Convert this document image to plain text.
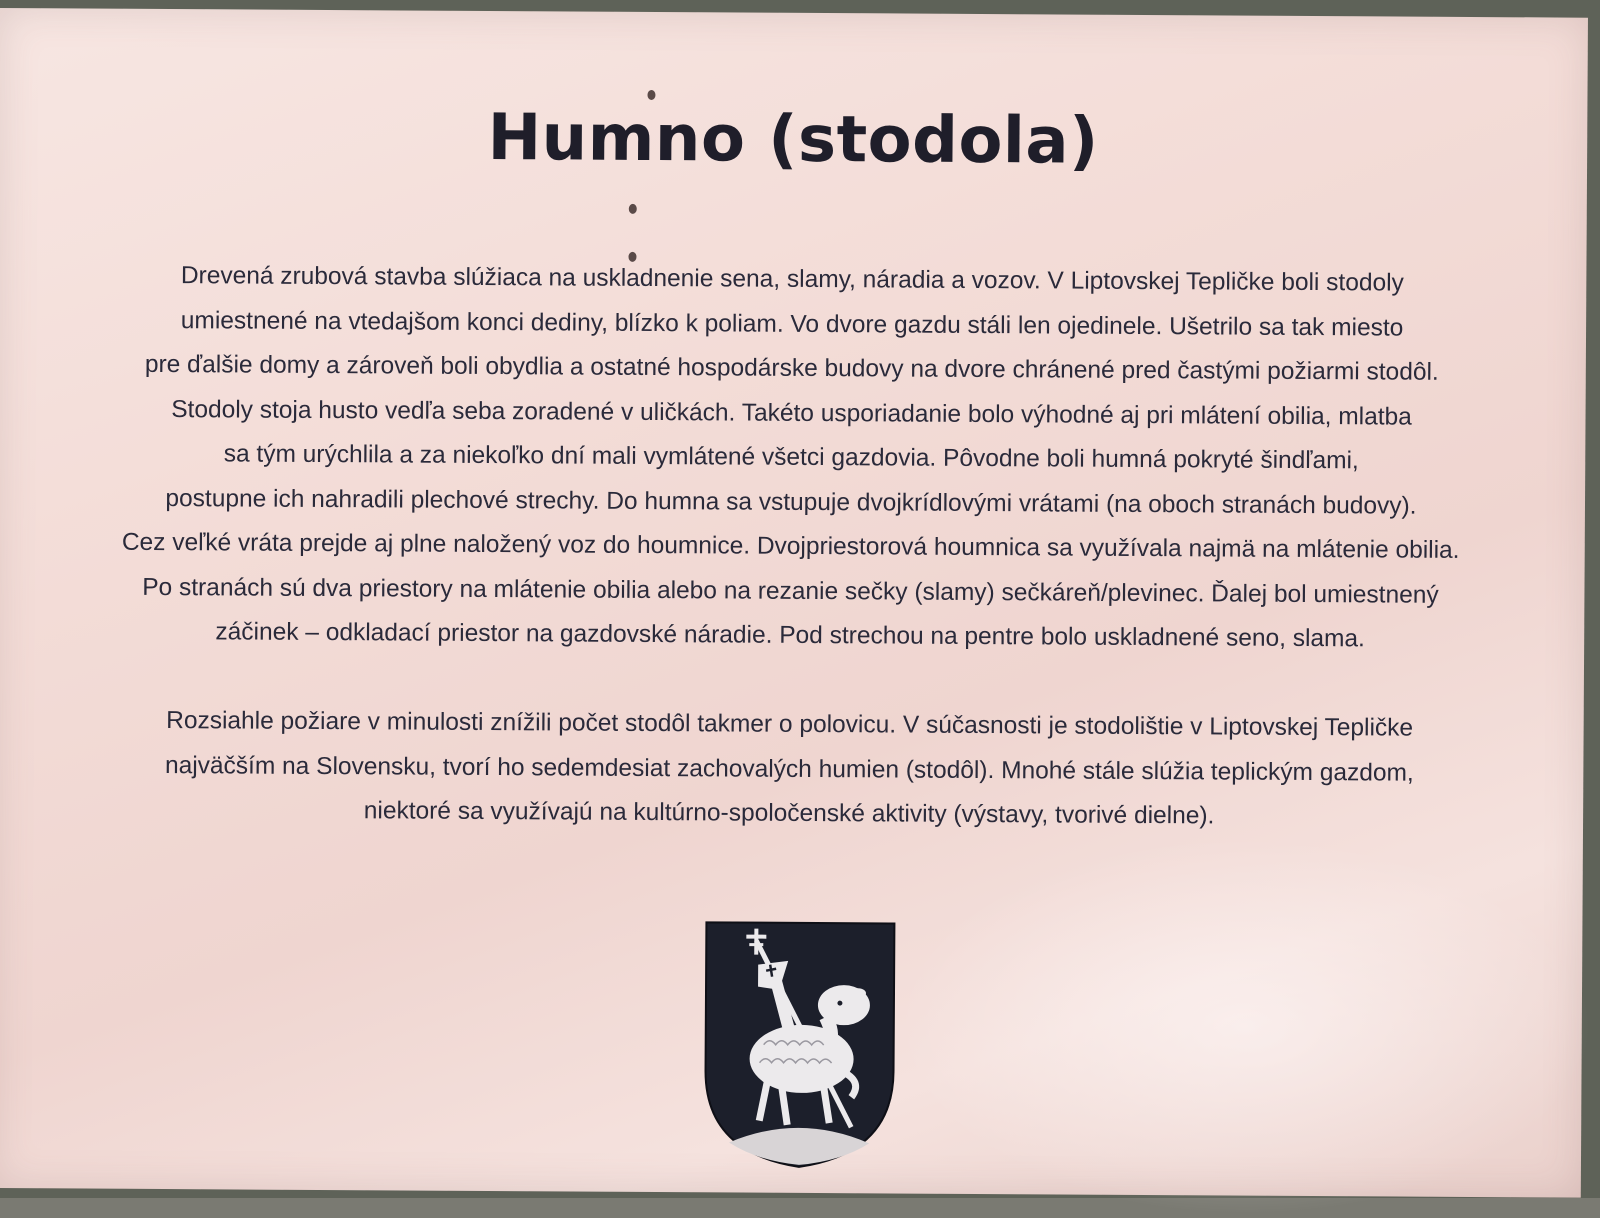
Humno (stodola)
Drevená zrubová stavba slúžiaca na uskladnenie sena, slamy, náradia a vozov. V Liptovskej Tepličke boli stodoly
umiestnené na vtedajšom konci dediny, blízko k poliam. Vo dvore gazdu stáli len ojedinele. Ušetrilo sa tak miesto
pre ďalšie domy a zároveň boli obydlia a ostatné hospodárske budovy na dvore chránené pred častými požiarmi stodôl.
Stodoly stoja husto vedľa seba zoradené v uličkách. Takéto usporiadanie bolo výhodné aj pri mlátení obilia, mlatba
sa tým urýchlila a za niekoľko dní mali vymlátené všetci gazdovia. Pôvodne boli humná pokryté šindľami,
postupne ich nahradili plechové strechy. Do humna sa vstupuje dvojkrídlovými vrátami (na oboch stranách budovy).
Cez veľké vráta prejde aj plne naložený voz do houmnice. Dvojpriestorová houmnica sa využívala najmä na mlátenie obilia.
Po stranách sú dva priestory na mlátenie obilia alebo na rezanie sečky (slamy) sečkáreň/plevinec. Ďalej bol umiestnený
záčinek – odkladací priestor na gazdovské náradie. Pod strechou na pentre bolo uskladnené seno, slama.
Rozsiahle požiare v minulosti znížili počet stodôl takmer o polovicu. V súčasnosti je stodolištie v Liptovskej Tepličke
najväčším na Slovensku, tvorí ho sedemdesiat zachovalých humien (stodôl). Mnohé stále slúžia teplickým gazdom,
niektoré sa využívajú na kultúrno-spoločenské aktivity (výstavy, tvorivé dielne).
